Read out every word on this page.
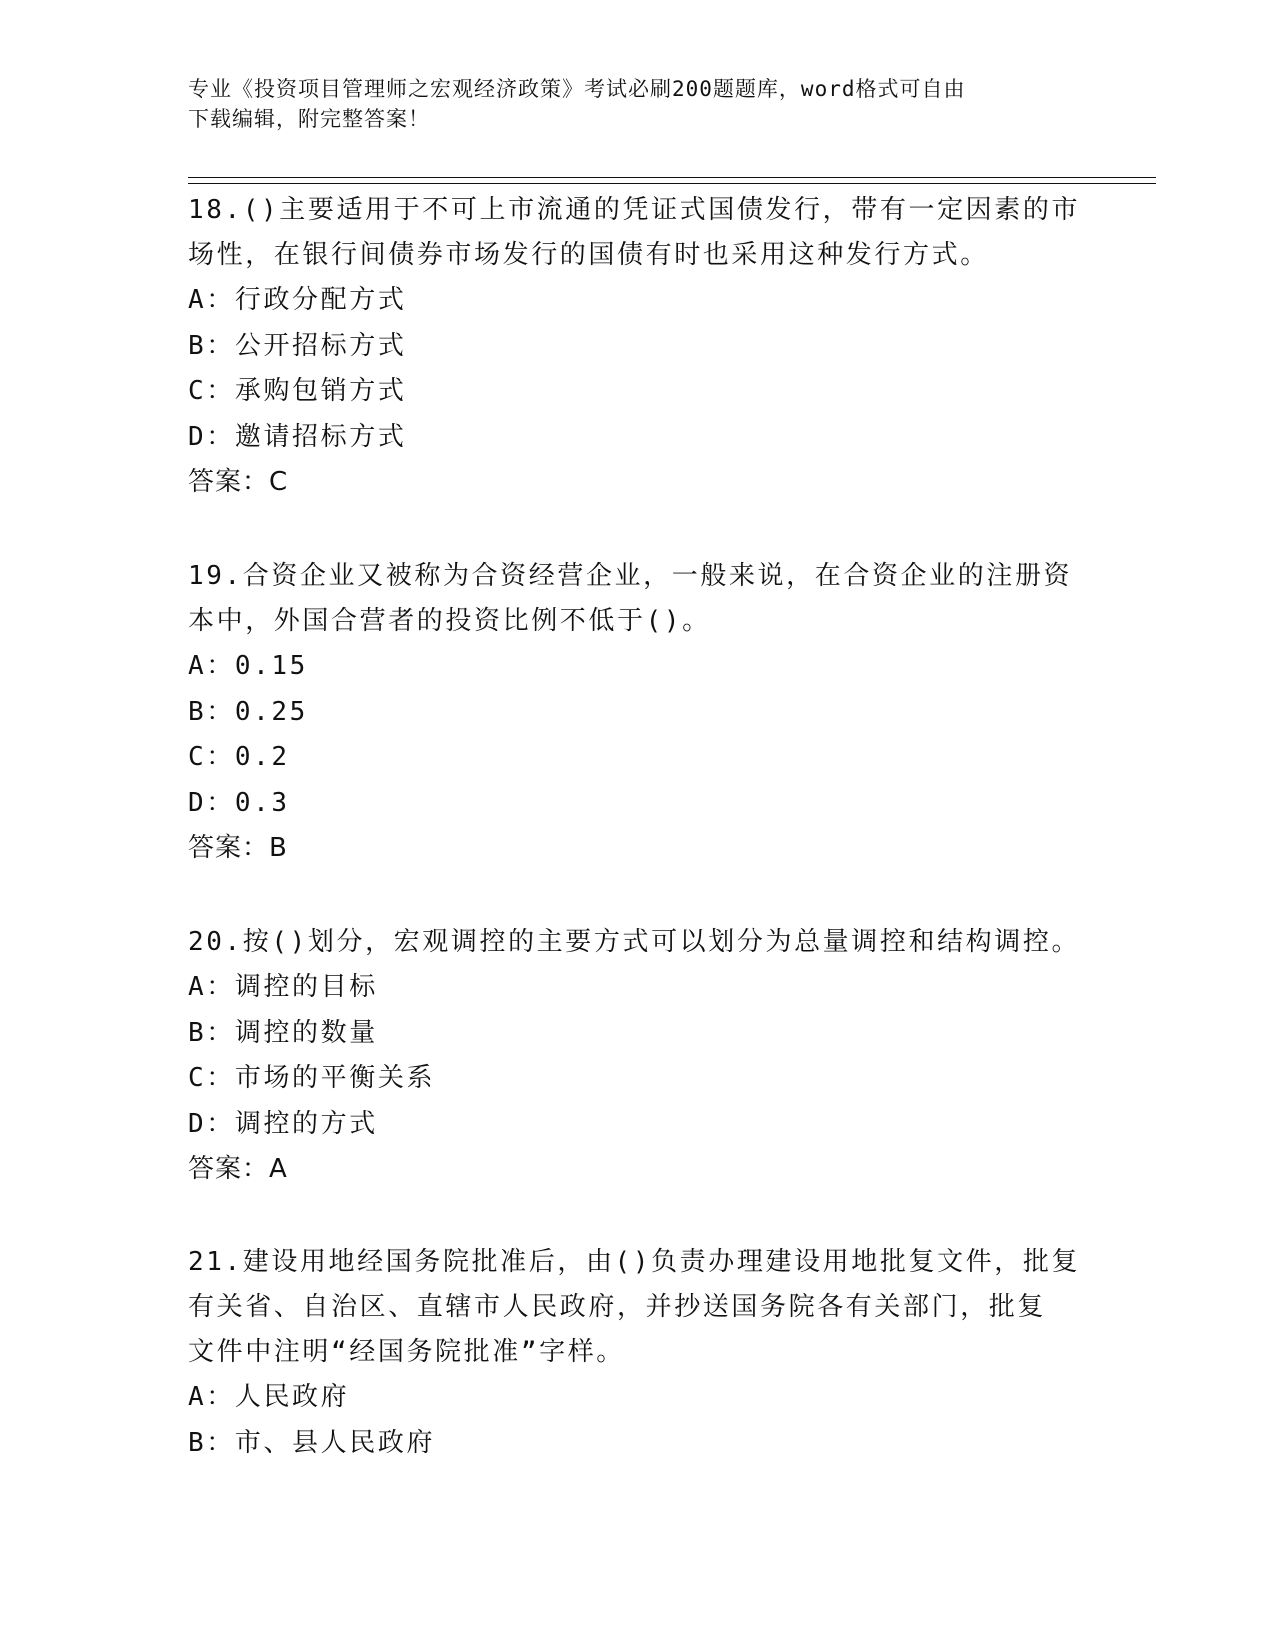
专业《投资项目管理师之宏观经济政策》考试必刷200题题库，word格式可自由
下载编辑，附完整答案！

18.()主要适用于不可上市流通的凭证式国债发行，带有一定因素的市

场性，在银行间债券市场发行的国债有时也采用这种发行方式。

A：行政分配方式

B：公开招标方式

C：承购包销方式

D：邀请招标方式

答案：C

19.合资企业又被称为合资经营企业，一般来说，在合资企业的注册资

本中，外国合营者的投资比例不低于()。

A：0.15

B：0.25

C：0.2

D：0.3

答案：B

20.按()划分，宏观调控的主要方式可以划分为总量调控和结构调控。

A：调控的目标

B：调控的数量

C：市场的平衡关系

D：调控的方式

答案：A

21.建设用地经国务院批准后，由()负责办理建设用地批复文件，批复

有关省、自治区、直辖市人民政府，并抄送国务院各有关部门，批复

文件中注明“经国务院批准”字样。

A：人民政府

B：市、县人民政府
